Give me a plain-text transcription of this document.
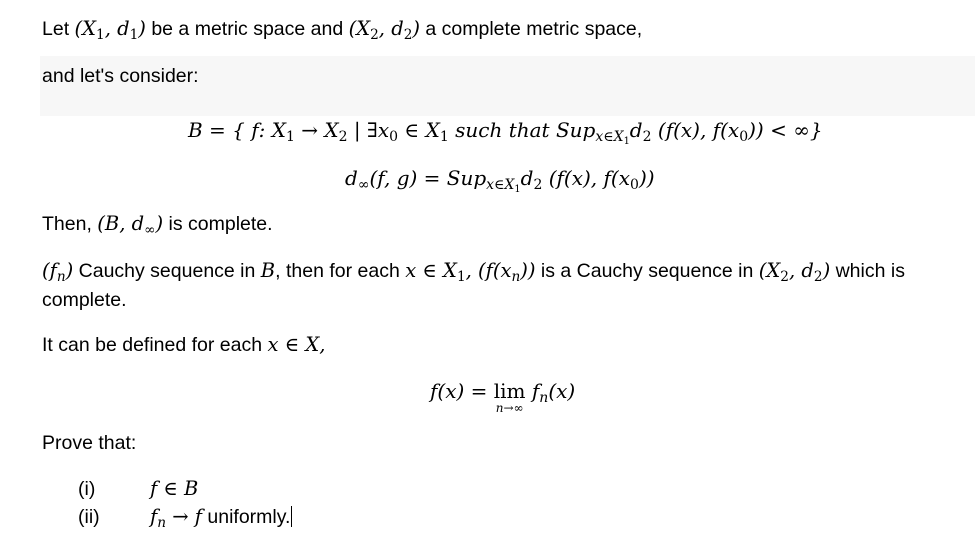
Let ($X_1$, $d_1$) be a metric space and ($X_2$, $d_2$) a complete metric space,
and let's consider:
B = { f: $X_1 \to X_2$ | $\exists x_0$ ∈ $X_1$ such that $Sup_{x\in X_1}d_2$ (f(x), $f(x_0)$) < ∞}
$d_\infty(f$, $g) = Sup_{x\in X_1}d_2$ (f(x), $f(x_0)$)
Then, (B, $d_\infty$) is complete.
$(f_n)$ Cauchy sequence in B, then for each x ∈ $X_1$, $(f(x_n))$ is a Cauchy sequence in ($X_2$, $d_2$) which is
complete.
It can be defined for each x ∈ X,
f(x) = lim
n→∞
$f_n(x)$
Prove that:
(i)	f ∈ B
(ii)	$f_n \to f$ uniformly.
